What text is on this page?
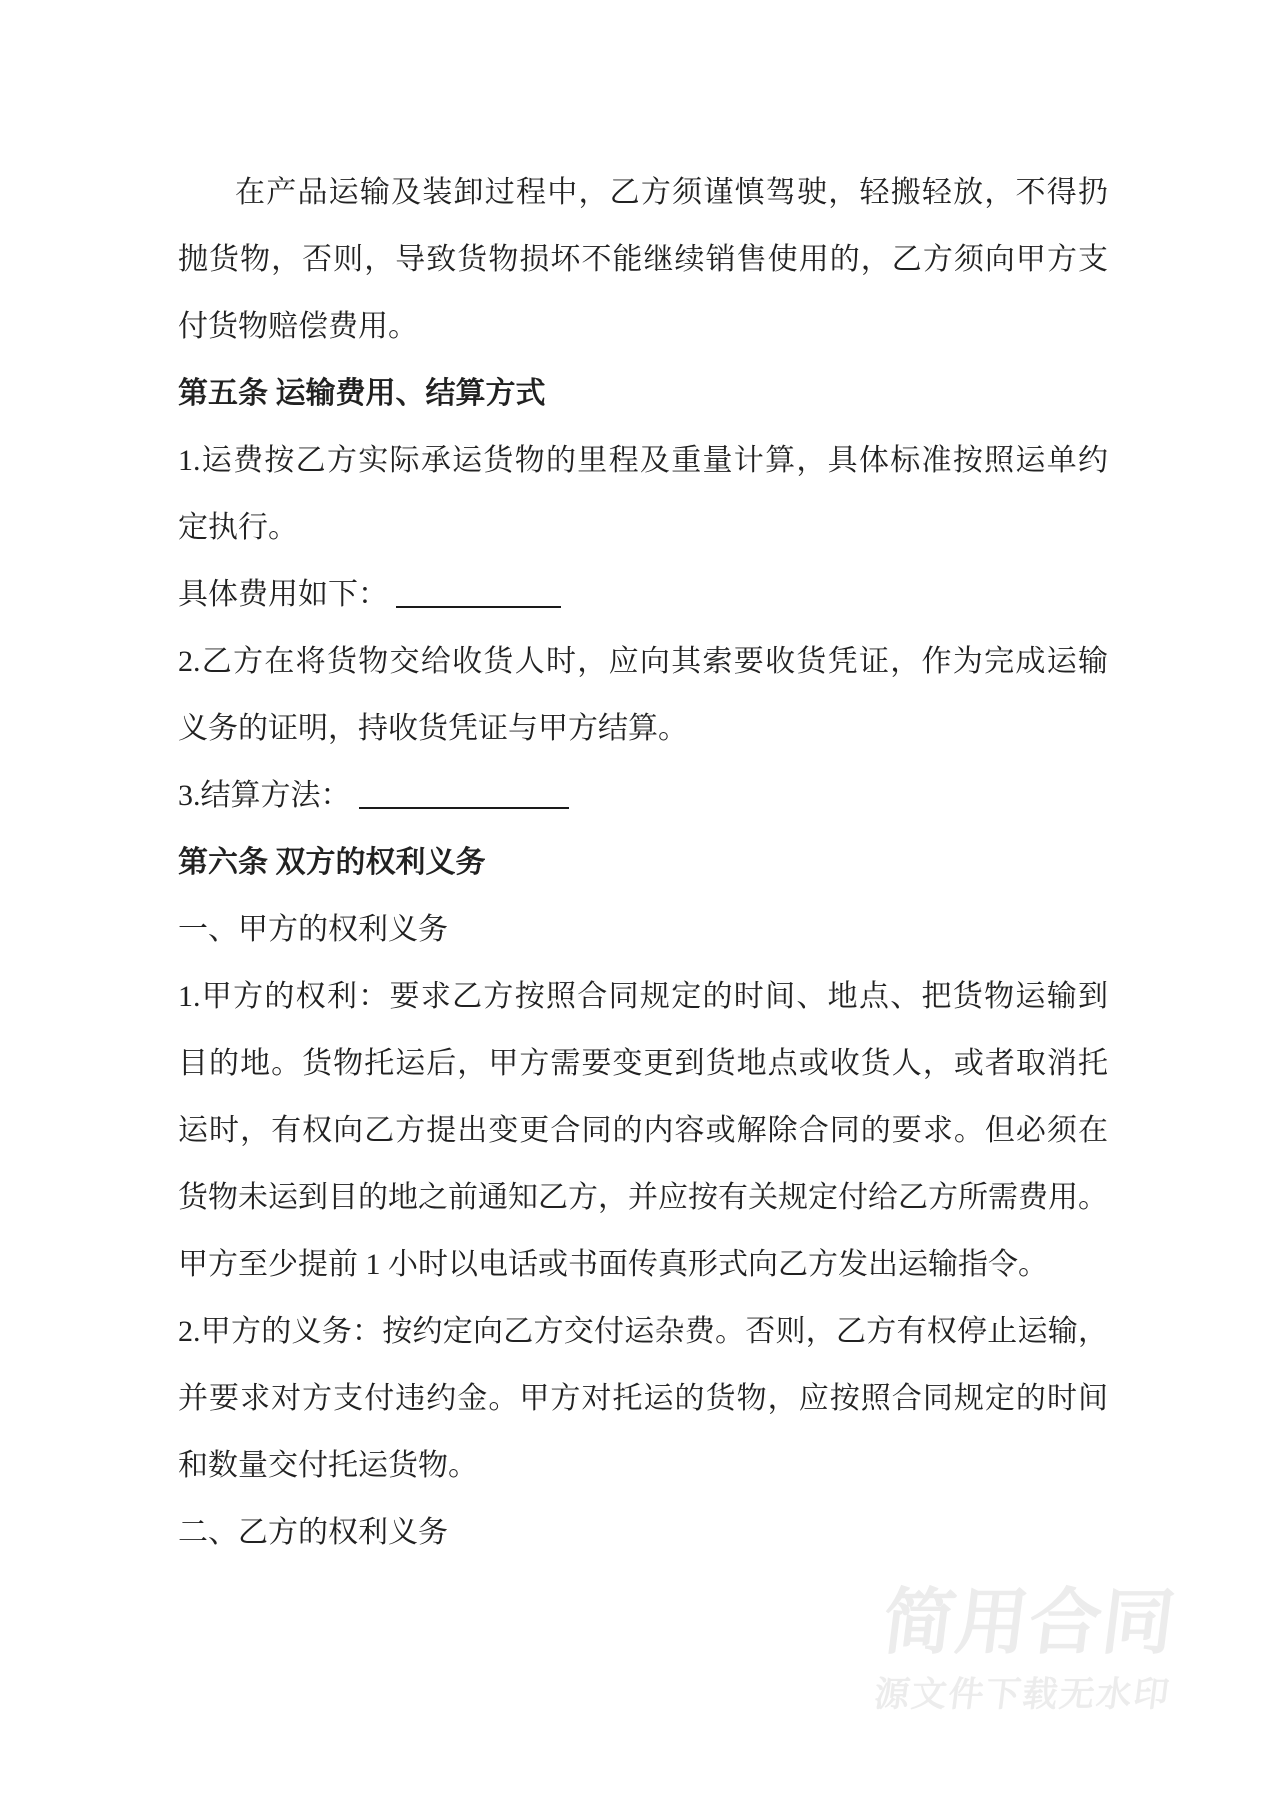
在产品运输及装卸过程中，乙方须谨慎驾驶，轻搬轻放，不得扔
抛货物，否则，导致货物损坏不能继续销售使用的，乙方须向甲方支
付货物赔偿费用。
第五条 运输费用、结算方式
1.运费按乙方实际承运货物的里程及重量计算，具体标准按照运单约
定执行。
具体费用如下：
2.乙方在将货物交给收货人时，应向其索要收货凭证，作为完成运输
义务的证明，持收货凭证与甲方结算。
3.结算方法：
第六条 双方的权利义务
一、甲方的权利义务
1.甲方的权利：要求乙方按照合同规定的时间、地点、把货物运输到
目的地。货物托运后，甲方需要变更到货地点或收货人，或者取消托
运时，有权向乙方提出变更合同的内容或解除合同的要求。但必须在
货物未运到目的地之前通知乙方，并应按有关规定付给乙方所需费用。
甲方至少提前 1 小时以电话或书面传真形式向乙方发出运输指令。
2.甲方的义务：按约定向乙方交付运杂费。否则，乙方有权停止运输，
并要求对方支付违约金。甲方对托运的货物，应按照合同规定的时间
和数量交付托运货物。
二、乙方的权利义务
简用合同
源文件下载无水印
